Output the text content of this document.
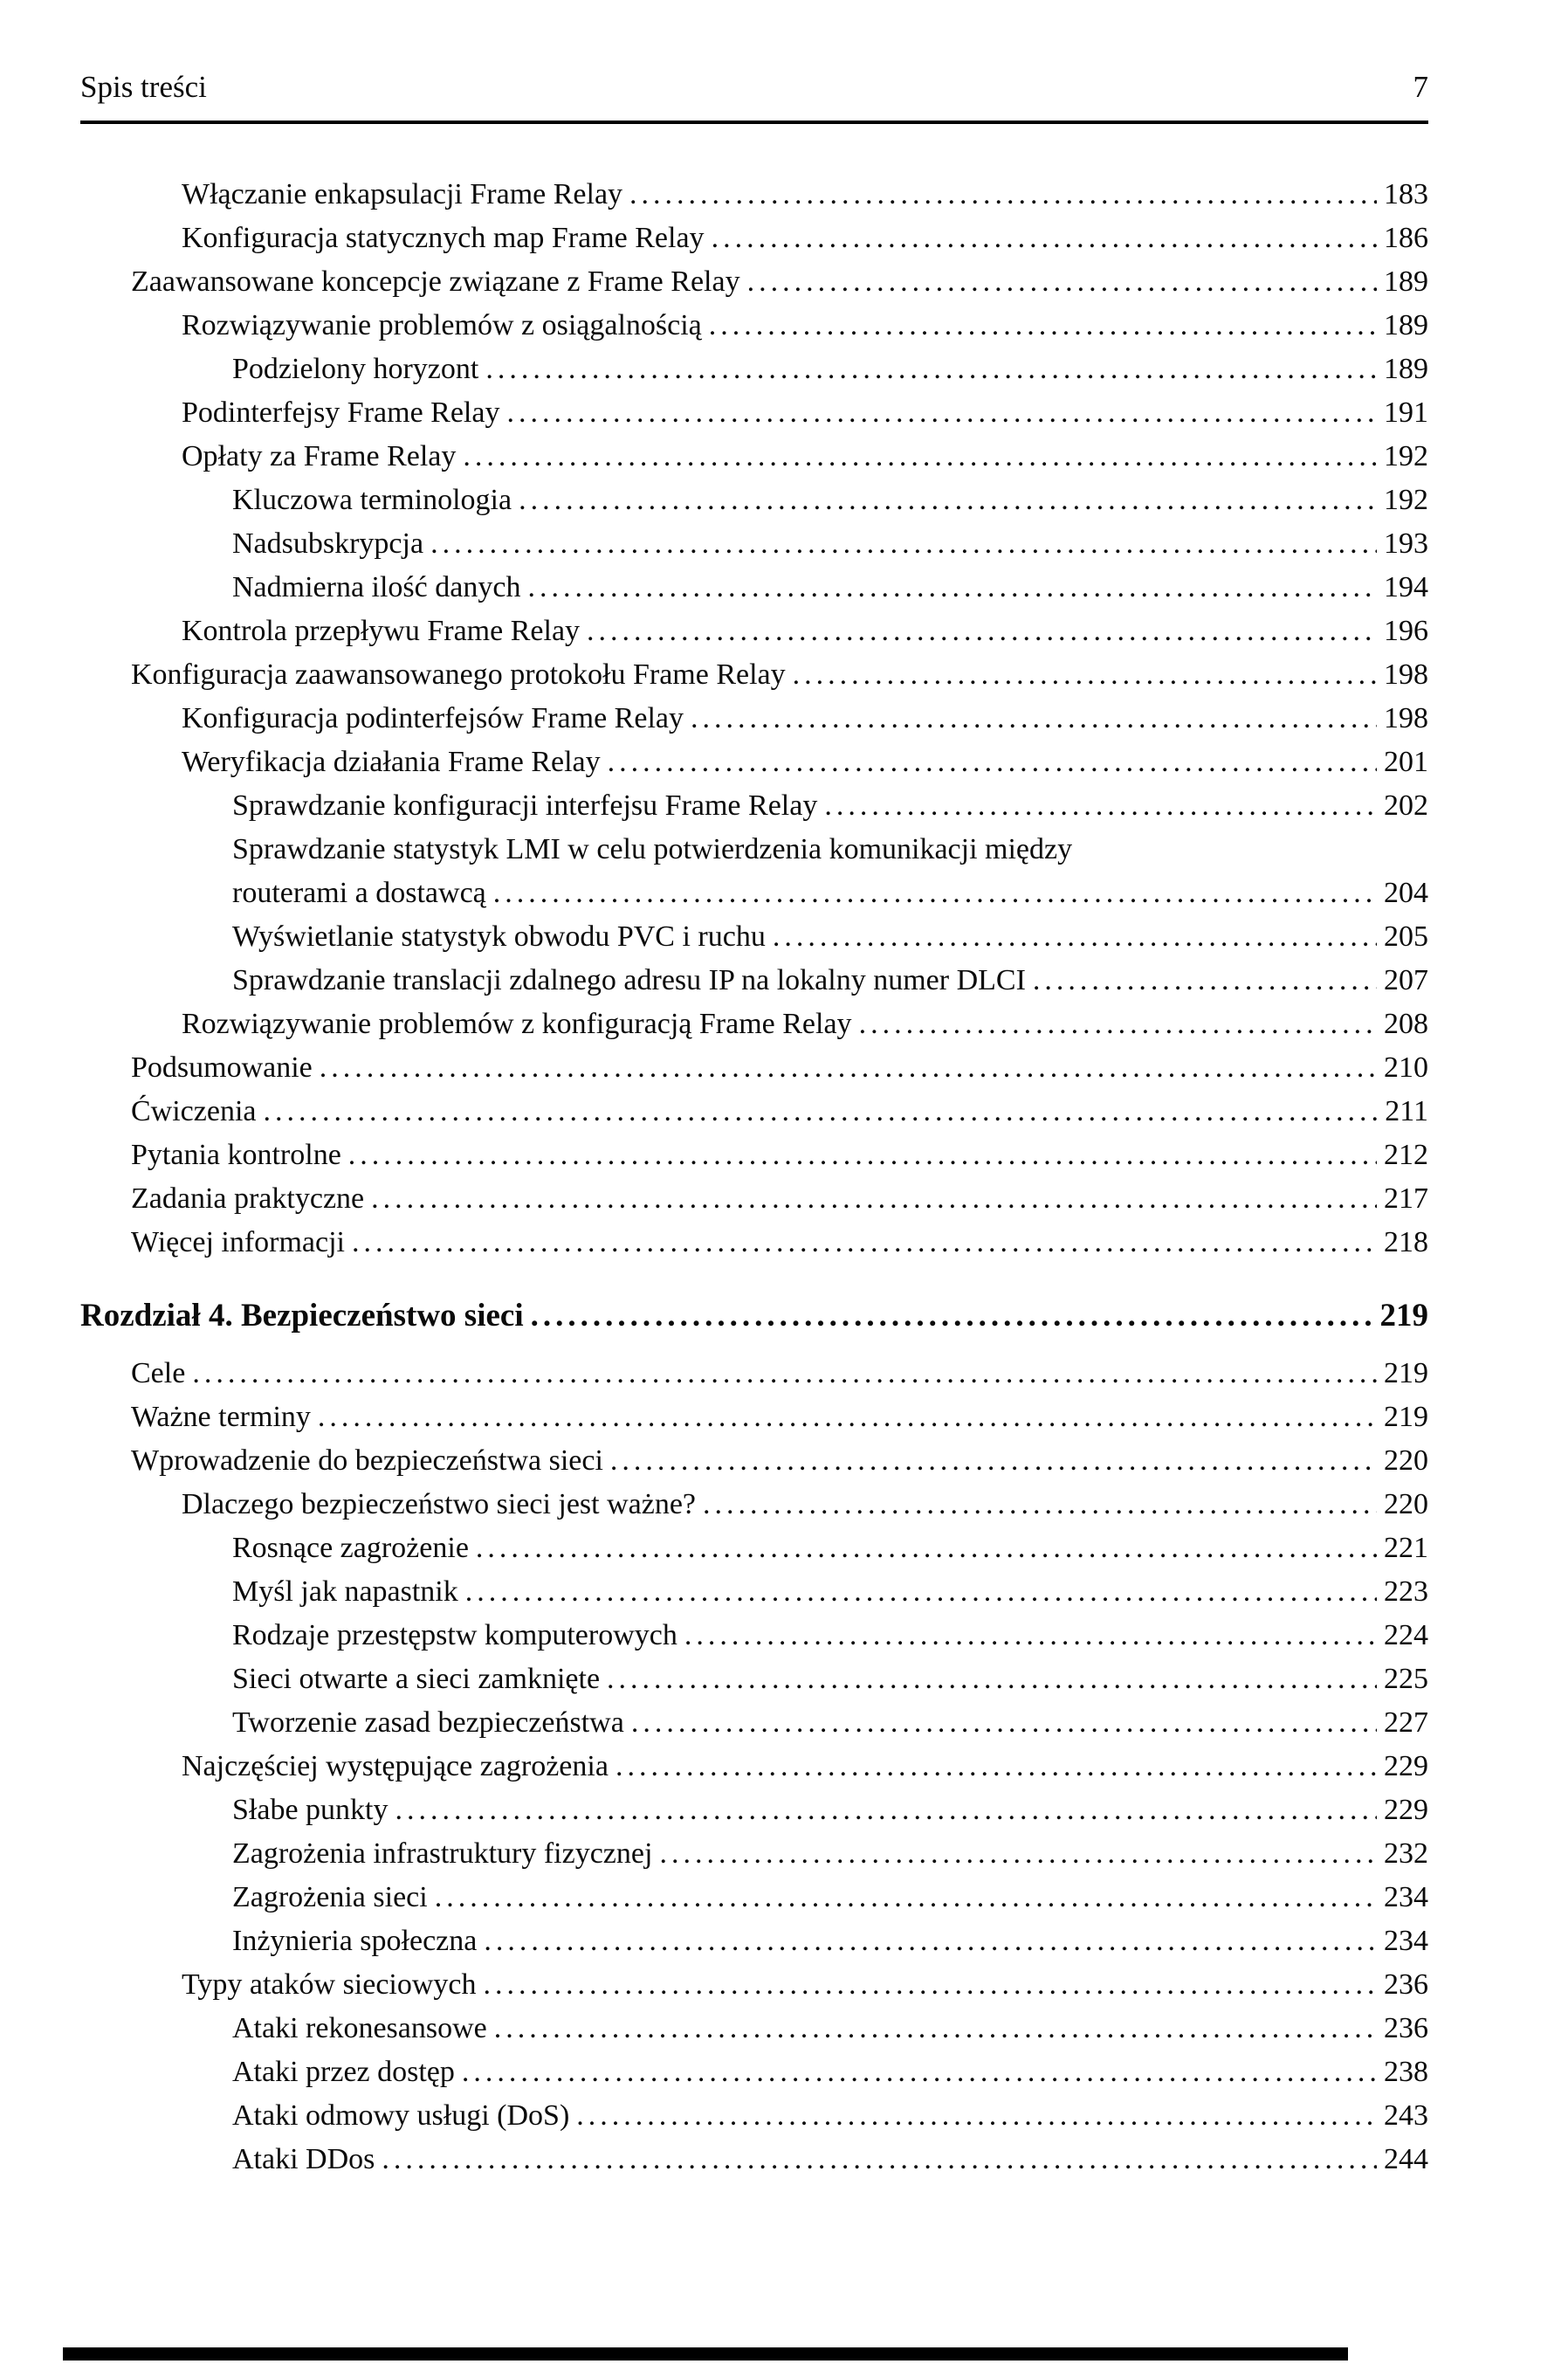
Spis treści	7
Włączanie enkapsulacji Frame Relay .....	183
Konfiguracja statycznych map Frame Relay .....	186
Zaawansowane koncepcje związane z Frame Relay .....	189
Rozwiązywanie problemów z osiągalnością .....	189
Podzielony horyzont .....	189
Podinterfejsy Frame Relay .....	191
Opłaty za Frame Relay .....	192
Kluczowa terminologia .....	192
Nadsubskrypcja .....	193
Nadmierna ilość danych .....	194
Kontrola przepływu Frame Relay .....	196
Konfiguracja zaawansowanego protokołu Frame Relay .....	198
Konfiguracja podinterfejsów Frame Relay .....	198
Weryfikacja działania Frame Relay .....	201
Sprawdzanie konfiguracji interfejsu Frame Relay .....	202
Sprawdzanie statystyk LMI w celu potwierdzenia komunikacji między
routerami a dostawcą .....	204
Wyświetlanie statystyk obwodu PVC i ruchu .....	205
Sprawdzanie translacji zdalnego adresu IP na lokalny numer DLCI .....	207
Rozwiązywanie problemów z konfiguracją Frame Relay .....	208
Podsumowanie .....	210
Ćwiczenia .....	211
Pytania kontrolne .....	212
Zadania praktyczne .....	217
Więcej informacji .....	218
Rozdział 4. Bezpieczeństwo sieci .....	219
Cele .....	219
Ważne terminy .....	219
Wprowadzenie do bezpieczeństwa sieci .....	220
Dlaczego bezpieczeństwo sieci jest ważne? .....	220
Rosnące zagrożenie .....	221
Myśl jak napastnik .....	223
Rodzaje przestępstw komputerowych .....	224
Sieci otwarte a sieci zamknięte .....	225
Tworzenie zasad bezpieczeństwa .....	227
Najczęściej występujące zagrożenia .....	229
Słabe punkty .....	229
Zagrożenia infrastruktury fizycznej .....	232
Zagrożenia sieci .....	234
Inżynieria społeczna .....	234
Typy ataków sieciowych .....	236
Ataki rekonesansowe .....	236
Ataki przez dostęp .....	238
Ataki odmowy usługi (DoS) .....	243
Ataki DDos .....	244
